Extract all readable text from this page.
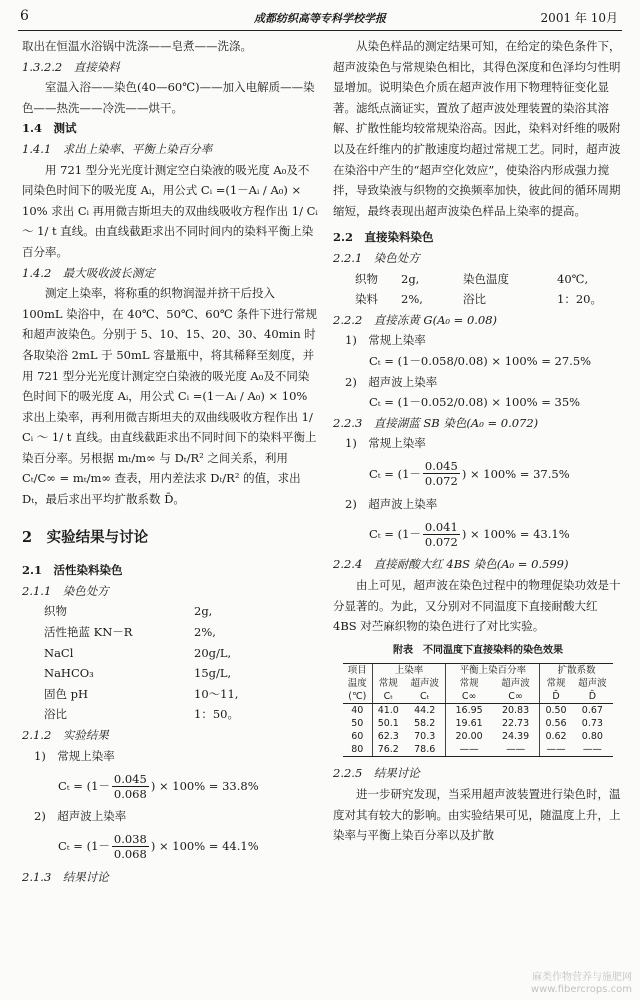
6	成都纺织高等专科学校学报	2001 年 10月

取出在恒温水浴锅中洗涤——皂煮——洗涤。

1.3.2.2　直接染料

室温入浴——染色(40—60℃)——加入电解质——染色——热洗——冷洗——烘干。

1.4　测试

1.4.1　求出上染率、平衡上染百分率

用 721 型分光光度计测定空白染液的吸光度 A₀及不同染色时间下的吸光度 Aᵢ，用公式 Cᵢ =(1－Aᵢ / A₀) × 10% 求出 Cᵢ 再用微吉斯坦夫的双曲线吸收方程作出 1/ Cᵢ ～ 1/ t 直线。由直线截距求出不同时间内的染料平衡上染百分率。

1.4.2　最大吸收波长测定

测定上染率，将称重的织物润湿并挤干后投入 100mL 染浴中，在 40℃、50℃、60℃ 条件下进行常规和超声波染色。分别于 5、10、15、20、30、40min 时各取染浴 2mL 于 50mL 容量瓶中，将其稀释至刻度，并用 721 型分光光度计测定空白染液的吸光度 A₀及不同染色时间下的吸光度 Aᵢ，用公式 Cᵢ =(1－Aᵢ / A₀) × 10% 求出上染率，再利用微吉斯坦夫的双曲线吸收方程作出 1/ Cᵢ ～ 1/ t 直线。由直线截距求出不同时间下的染料平衡上染百分率。另根据 mₜ/m∞ 与 Dₜ/R² 之间关系，利用 Cₜ/C∞ = mₜ/m∞ 查表，用内差法求 Dₜ/R² 的值，求出 Dₜ，最后求出平均扩散系数 D̄。

2　实验结果与讨论

2.1　活性染料染色

2.1.1　染色处方

织物	2g,
活性艳蓝 KN－R	2%,
NaCl	20g/L,
NaHCO₃	15g/L,
固色 pH	10～11,
浴比	1：50。

2.1.2　实验结果

1)　常规上染率

$C_t = (1- \frac{0.045}{0.068}$ ) × 100% = 33.8%

2)　超声波上染率

$C_t = (1- \frac{0.038}{0.068}$ ) × 100% = 44.1%

2.1.3　结果讨论

从染色样品的测定结果可知，在给定的染色条件下，超声波染色与常规染色相比，其得色深度和色泽均匀性明显增加。说明染色介质在超声波作用下物理特征变化显著。滤纸点滴证实，置放了超声波处理装置的染浴其溶解、扩散性能均较常规染浴高。因此，染料对纤维的吸附以及在纤维内的扩散速度均超过常规工艺。同时，超声波在染浴中产生的“超声空化效应”，使染浴内形成强力搅拌，导致染液与织物的交换频率加快，彼此间的循环周期缩短，最终表现出超声波染色样品上染率的提高。

2.2　直接染料染色

2.2.1　染色处方

织物	2g,	染色温度	40℃,
染料	2%,	浴比	1：20。

2.2.2　直接冻黄 G(A₀ = 0.08)

1)　常规上染率

Cₜ = (1－0.058/0.08) × 100% = 27.5%

2)　超声波上染率

Cₜ = (1－0.052/0.08) × 100% = 35%

2.2.3　直接湖蓝 SB 染色(A₀ = 0.072)

1)　常规上染率

$C_t = (1- \frac{0.045}{0.072}$ ) × 100% = 37.5%

2)　超声波上染率

$C_t = (1- \frac{0.041}{0.072}$ ) × 100% = 43.1%

2.2.4　直接耐酸大红 4BS 染色(A₀ = 0.599)

由上可见，超声波在染色过程中的物理促染功效是十分显著的。为此，又分别对不同温度下直接耐酸大红 4BS 对苎麻织物的染色进行了对比实验。

附表　不同温度下直接染料的染色效果

项目	上染率		平衡上染百分率		扩散系数	
温度	常规	超声波	常规	超声波	常规	超声波
(℃)	Cₜ	Cₜ	C∞	C∞	D̄	D̄
40	41.0	44.2	16.95	20.83	0.50	0.67
50	50.1	58.2	19.61	22.73	0.56	0.73
60	62.3	70.3	20.00	24.39	0.62	0.80
80	76.2	78.6	——	——	——	——

2.2.5　结果讨论

进一步研究发现，当采用超声波装置进行染色时，温度对其有较大的影响。由实验结果可见，随温度上升，上染率与平衡上染百分率以及扩散

麻类作物营养与施肥网
www.fibercrops.com
